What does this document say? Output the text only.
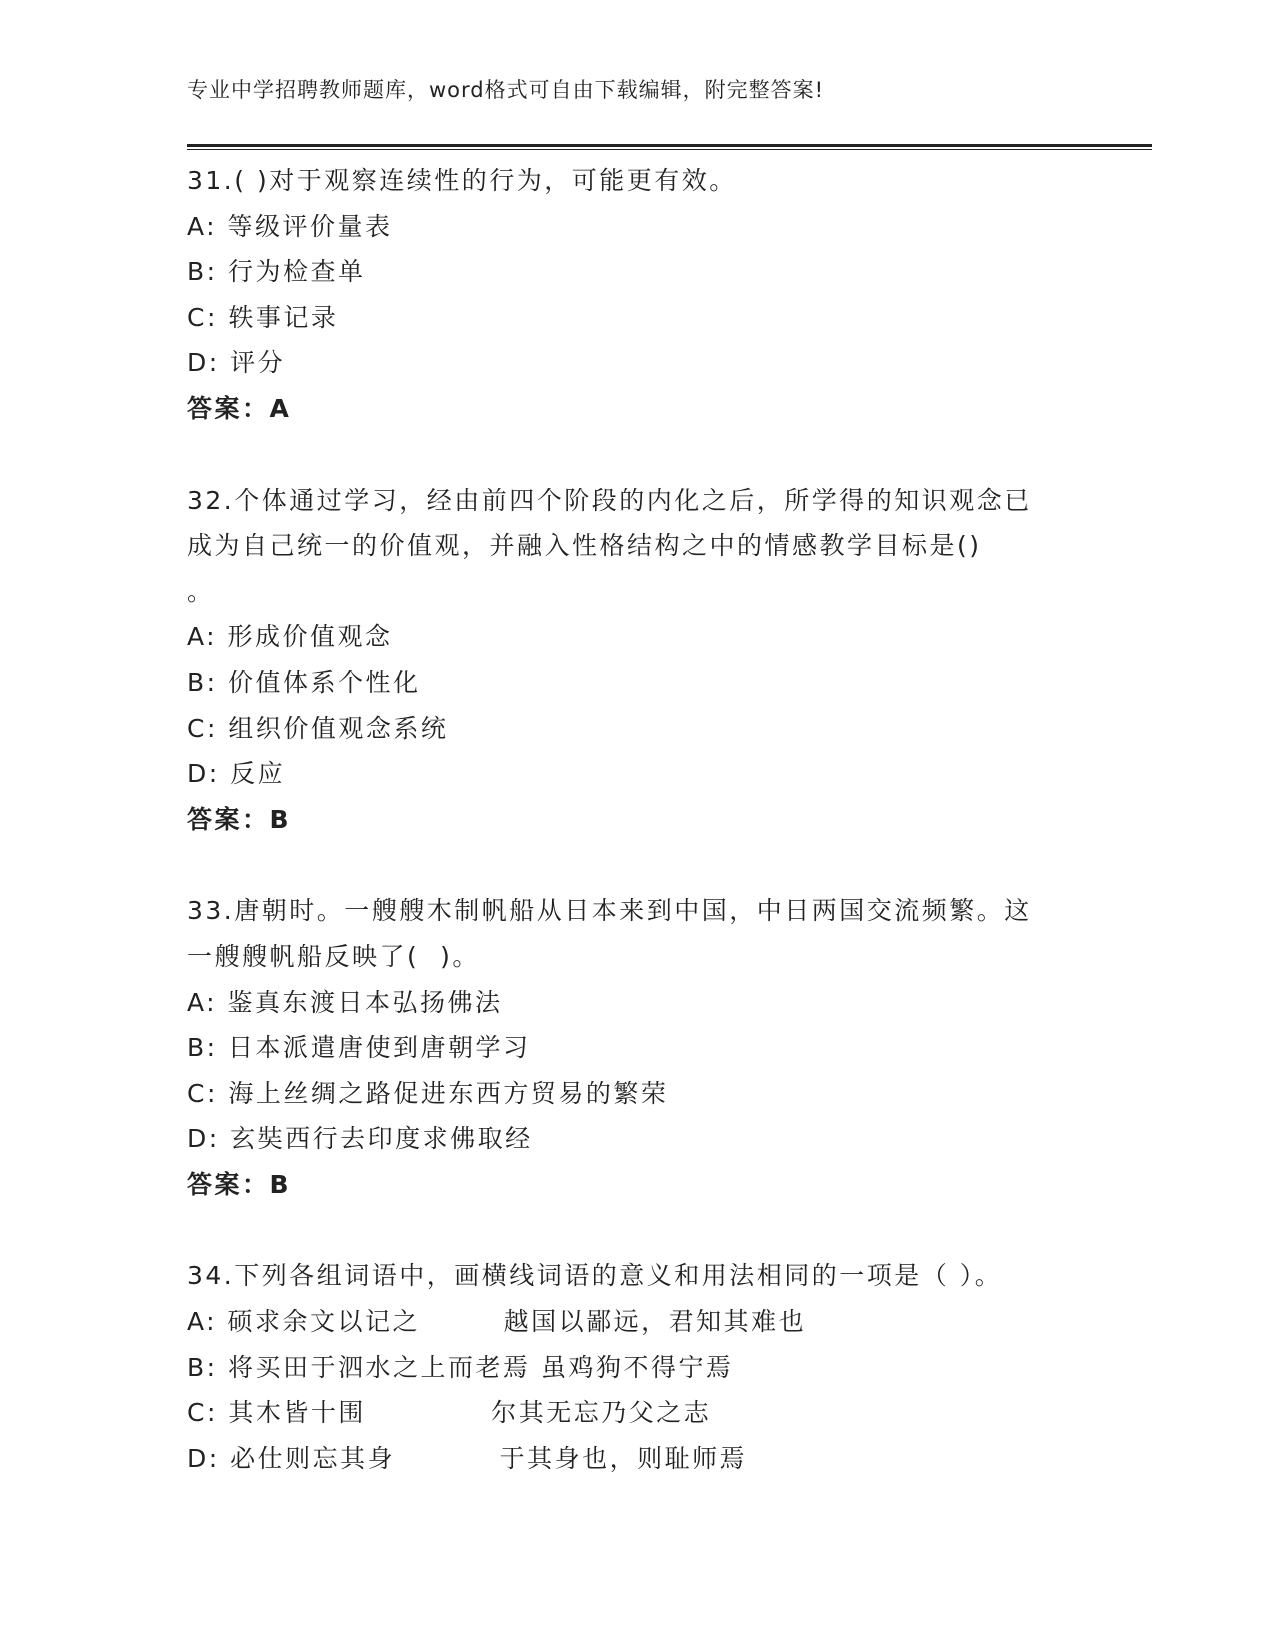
专业中学招聘教师题库，word格式可自由下载编辑，附完整答案!
31.( )对于观察连续性的行为，可能更有效。
A: 等级评价量表
B: 行为检查单
C: 轶事记录
D: 评分
答案：A
32.个体通过学习，经由前四个阶段的内化之后，所学得的知识观念已
成为自己统一的价值观，并融入性格结构之中的情感教学目标是()
。
A: 形成价值观念
B: 价值体系个性化
C: 组织价值观念系统
D: 反应
答案：B
33.唐朝时。一艘艘木制帆船从日本来到中国，中日两国交流频繁。这
一艘艘帆船反映了(  )。
A: 鉴真东渡日本弘扬佛法
B: 日本派遣唐使到唐朝学习
C: 海上丝绸之路促进东西方贸易的繁荣
D: 玄奘西行去印度求佛取经
答案：B
34.下列各组词语中，画横线词语的意义和用法相同的一项是（ ）。
A: 硕求余文以记之        越国以鄙远，君知其难也
B: 将买田于泗水之上而老焉 虽鸡狗不得宁焉
C: 其木皆十围            尔其无忘乃父之志
D: 必仕则忘其身          于其身也，则耻师焉
